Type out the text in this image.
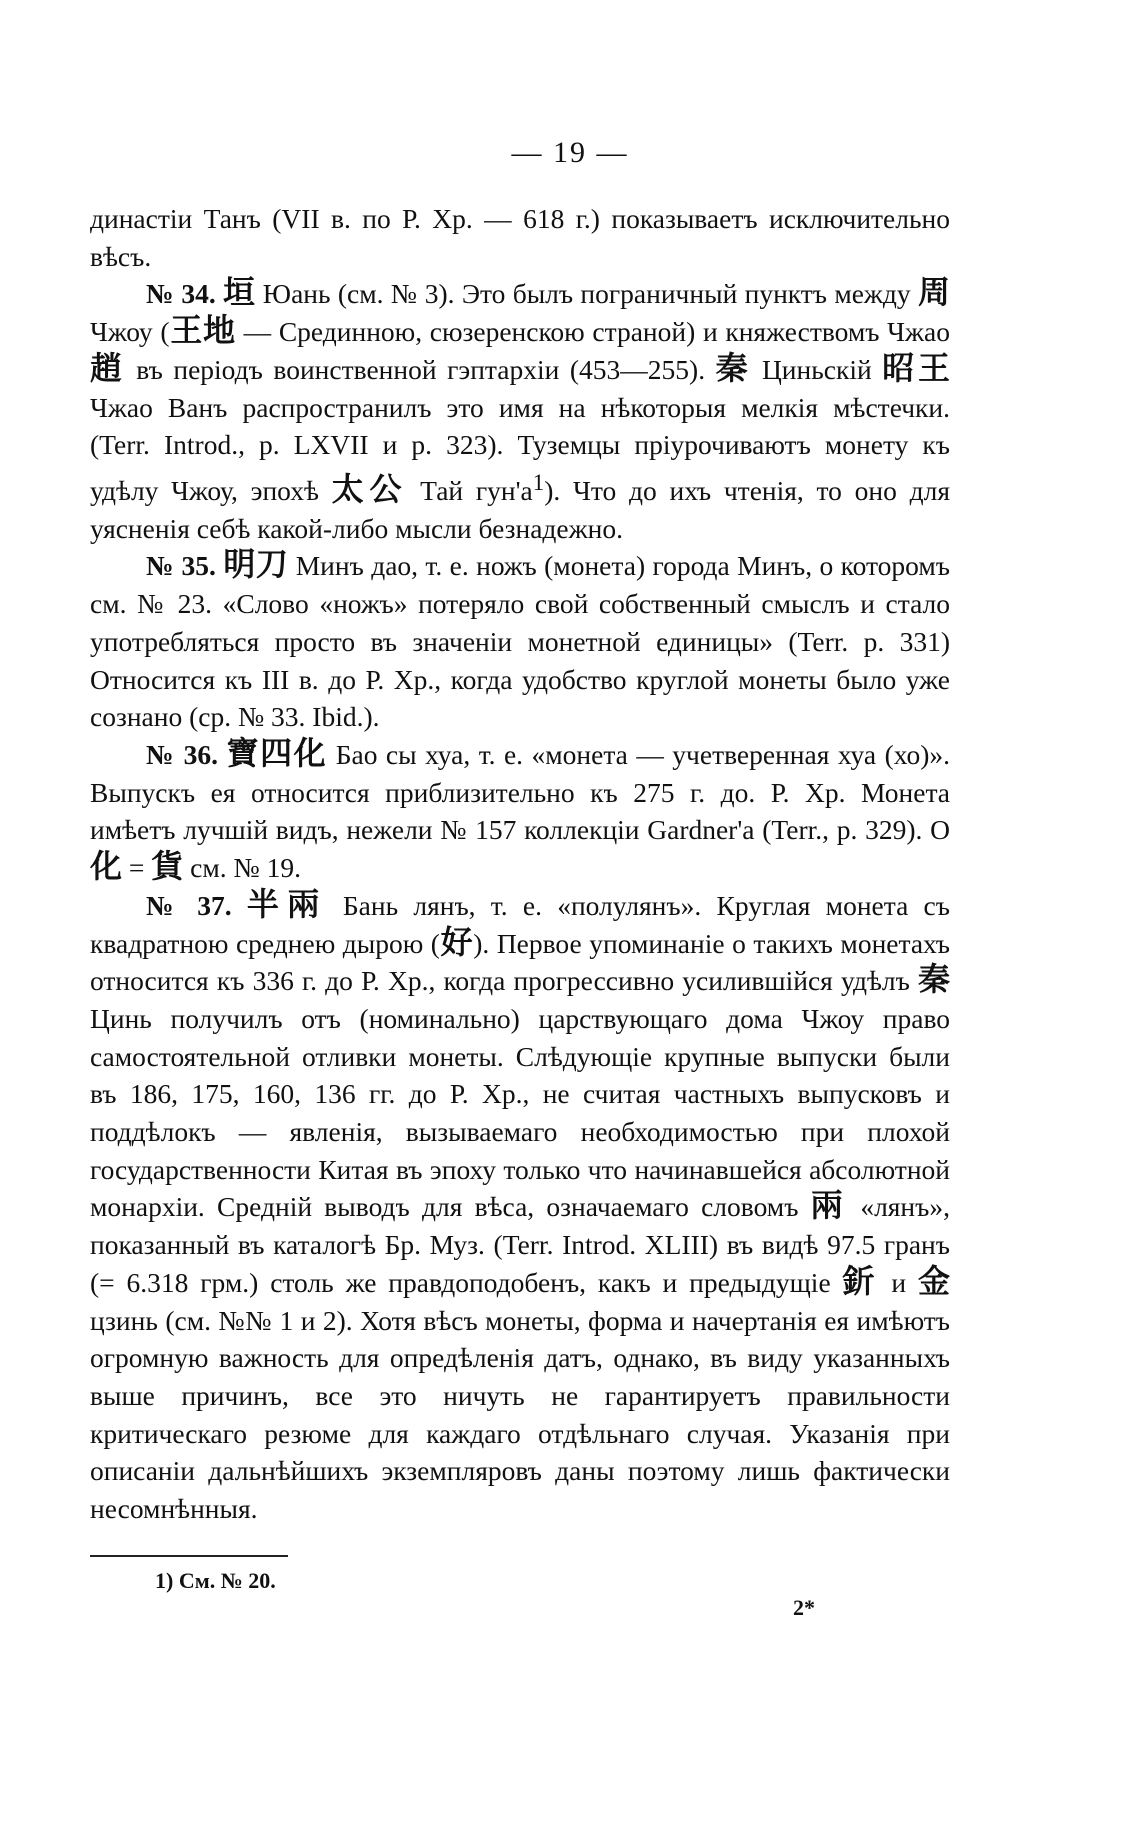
— 19 —

династіи Танъ (VII в. по Р. Хр. — 618 г.) показываетъ исключительно вѣсъ.

№ 34. 垣 Юань (см. № 3). Это былъ пограничный пунктъ между 周 Чжоу (王地 — Срединною, сюзеренскою страной) и княжествомъ Чжао 趙 въ періодъ воинственной гэптархіи (453—255). 秦 Циньскій 昭王 Чжао Ванъ распространилъ это имя на нѣкоторыя мелкія мѣстечки. (Terr. Introd., p. LXVII и p. 323). Туземцы пріурочиваютъ монету къ удѣлу Чжоу, эпохѣ 太公 Тай $гун'а^1$). Что до ихъ чтенія, то оно для уясненія себѣ какой-либо мысли безнадежно.

№ 35. 明刀 Минъ дао, т. е. ножъ (монета) города Минъ, о которомъ см. № 23. «Слово «ножъ» потеряло свой собственный смыслъ и стало употребляться просто въ значеніи монетной единицы» (Terr. p. 331) Относится къ III в. до Р. Хр., когда удобство круглой монеты было уже сознано (ср. № 33. Ibid.).

№ 36. 寶四化 Бао сы хуа, т. е. «монета — учетверенная хуа (хо)». Выпускъ ея относится приблизительно къ 275 г. до. Р. Хр. Монета имѣетъ лучшій видъ, нежели № 157 коллекціи Gardner'a (Terr., p. 329). О 化 = 貨 см. № 19.

№ 37. 半兩 Бань лянъ, т. е. «полулянъ». Круглая монета съ квадратною среднею дырою (好). Первое упоминаніе о такихъ монетахъ относится къ 336 г. до Р. Хр., когда прогрессивно усилившійся удѣлъ 秦 Цинь получилъ отъ (номинально) царствующаго дома Чжоу право самостоятельной отливки монеты. Слѣдующіе крупные выпуски были въ 186, 175, 160, 136 гг. до Р. Хр., не считая частныхъ выпусковъ и поддѣлокъ — явленія, вызываемаго необходимостью при плохой государственности Китая въ эпоху только что начинавшейся абсолютной монархіи. Средній выводъ для вѣса, означаемаго словомъ 兩 «лянъ», показанный въ каталогѣ Бр. Муз. (Terr. Introd. XLIII) въ видѣ 97.5 гранъ (= 6.318 грм.) столь же правдоподобенъ, какъ и предыдущіе 釿 и 金 цзинь (см. №№ 1 и 2). Хотя вѣсъ монеты, форма и начертанія ея имѣютъ огромную важность для опредѣленія датъ, однако, въ виду указанныхъ выше причинъ, все это ничуть не гарантируетъ правильности критическаго резюме для каждаго отдѣльнаго случая. Указанія при описаніи дальнѣйшихъ экземпляровъ даны поэтому лишь фактически несомнѣнныя.

1) См. № 20.
2*
